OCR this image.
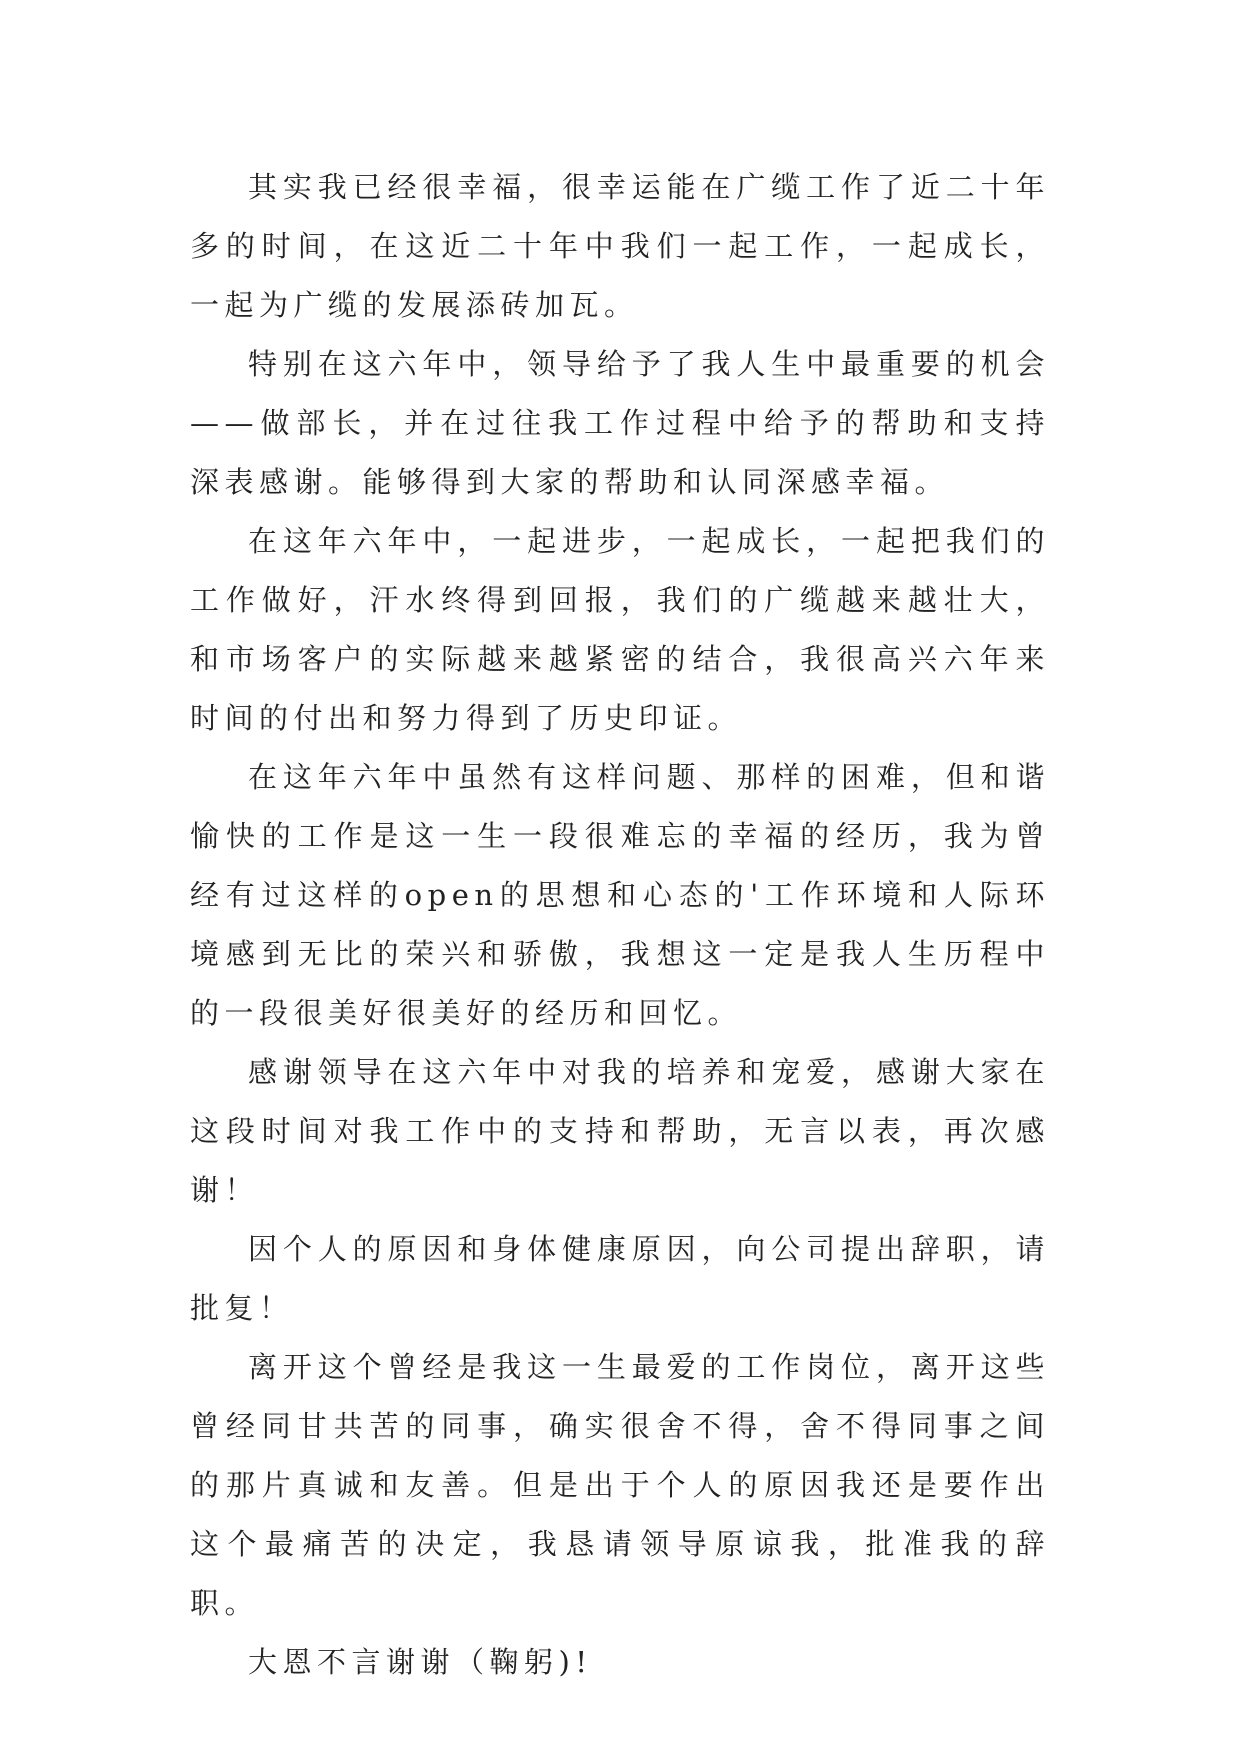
其实我已经很幸福，很幸运能在广缆工作了近二十年多的时间，在这近二十年中我们一起工作，一起成长，一起为广缆的发展添砖加瓦。

特别在这六年中，领导给予了我人生中最重要的机会——做部长，并在过往我工作过程中给予的帮助和支持深表感谢。能够得到大家的帮助和认同深感幸福。

在这年六年中，一起进步，一起成长，一起把我们的工作做好，汗水终得到回报，我们的广缆越来越壮大，和市场客户的实际越来越紧密的结合，我很高兴六年来时间的付出和努力得到了历史印证。

在这年六年中虽然有这样问题、那样的困难，但和谐愉快的工作是这一生一段很难忘的幸福的经历，我为曾经有过这样的open的思想和心态的'工作环境和人际环境感到无比的荣兴和骄傲，我想这一定是我人生历程中的一段很美好很美好的经历和回忆。

感谢领导在这六年中对我的培养和宠爱，感谢大家在这段时间对我工作中的支持和帮助，无言以表，再次感谢！

因个人的原因和身体健康原因，向公司提出辞职，请批复！

离开这个曾经是我这一生最爱的工作岗位，离开这些曾经同甘共苦的同事，确实很舍不得，舍不得同事之间的那片真诚和友善。但是出于个人的原因我还是要作出这个最痛苦的决定，我恳请领导原谅我，批准我的辞职。

大恩不言谢谢（鞠躬)!
